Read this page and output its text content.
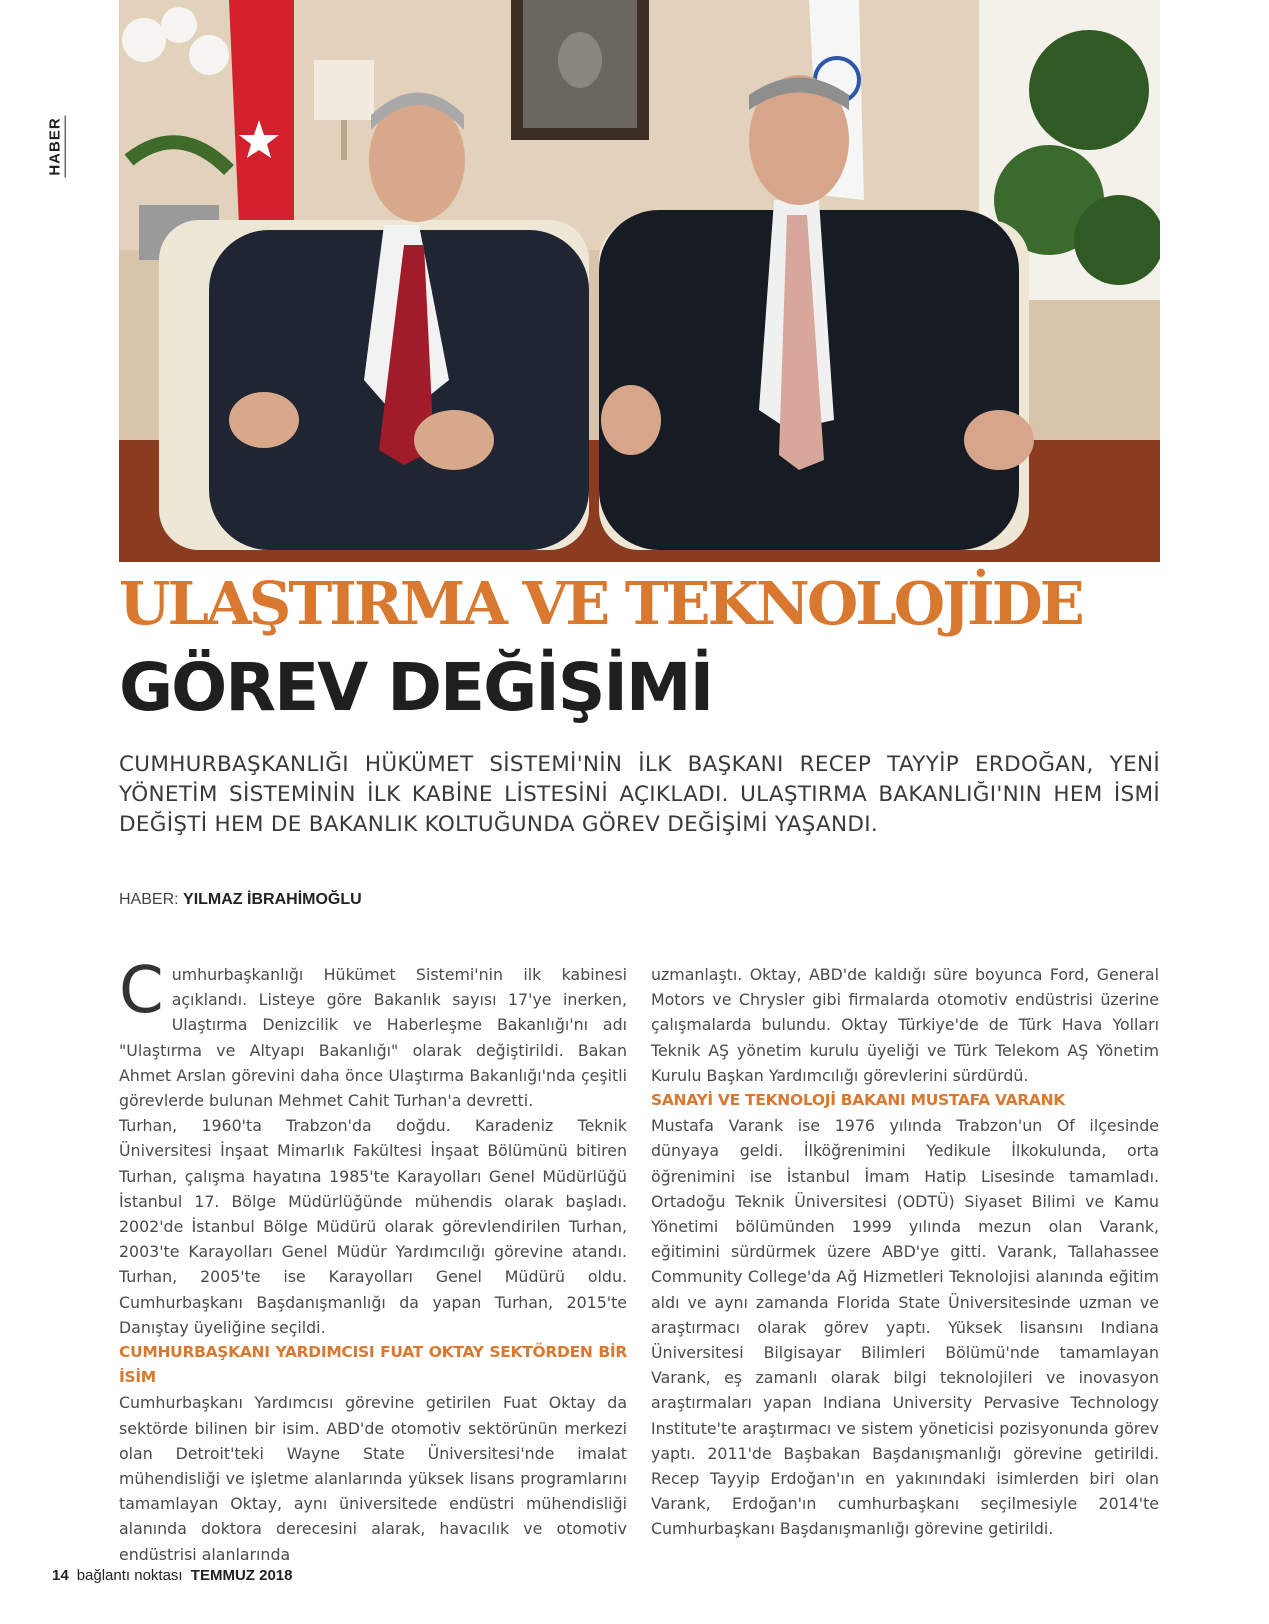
HABER
ULAŞTIRMA VE TEKNOLOJİDE
GÖREV DEĞİŞİMİ

CUMHURBAŞKANLIĞI HÜKÜMET SİSTEMİ'NİN İLK BAŞKANI RECEP TAYYİP ERDOĞAN, YENİ YÖNETİM SİSTEMİNİN İLK KABİNE LİSTESİNİ AÇIKLADI. ULAŞTIRMA BAKANLIĞI'NIN HEM İSMİ DEĞİŞTİ HEM DE BAKANLIK KOLTUĞUNDA GÖREV DEĞİŞİMİ YAŞANDI.

HABER: YILMAZ İBRAHİMOĞLU

Cumhurbaşkanlığı Hükümet Sistemi'nin ilk kabinesi açıklandı. Listeye göre Bakanlık sayısı 17'ye inerken, Ulaştırma Denizcilik ve Haberleşme Bakanlığı'nı adı "Ulaştırma ve Altyapı Bakanlığı" olarak değiştirildi. Bakan Ahmet Arslan görevini daha önce Ulaştırma Bakanlığı'nda çeşitli görevlerde bulunan Mehmet Cahit Turhan'a devretti.

Turhan, 1960'ta Trabzon'da doğdu. Karadeniz Teknik Üniversitesi İnşaat Mimarlık Fakültesi İnşaat Bölümünü bitiren Turhan, çalışma hayatına 1985'te Karayolları Genel Müdürlüğü İstanbul 17. Bölge Müdürlüğünde mühendis olarak başladı. 2002'de İstanbul Bölge Müdürü olarak görevlendirilen Turhan, 2003'te Karayolları Genel Müdür Yardımcılığı görevine atandı. Turhan, 2005'te ise Karayolları Genel Müdürü oldu. Cumhurbaşkanı Başdanışmanlığı da yapan Turhan, 2015'te Danıştay üyeliğine seçildi.

CUMHURBAŞKANI YARDIMCISI FUAT OKTAY SEKTÖRDEN BİR İSİM

Cumhurbaşkanı Yardımcısı görevine getirilen Fuat Oktay da sektörde bilinen bir isim. ABD'de otomotiv sektörünün merkezi olan Detroit'teki Wayne State Üniversitesi'nde imalat mühendisliği ve işletme alanlarında yüksek lisans programlarını tamamlayan Oktay, aynı üniversitede endüstri mühendisliği alanında doktora derecesini alarak, havacılık ve otomotiv endüstrisi alanlarında

uzmanlaştı. Oktay, ABD'de kaldığı süre boyunca Ford, General Motors ve Chrysler gibi firmalarda otomotiv endüstrisi üzerine çalışmalarda bulundu. Oktay Türkiye'de de Türk Hava Yolları Teknik AŞ yönetim kurulu üyeliği ve Türk Telekom AŞ Yönetim Kurulu Başkan Yardımcılığı görevlerini sürdürdü.

SANAYİ VE TEKNOLOJİ BAKANI MUSTAFA VARANK

Mustafa Varank ise 1976 yılında Trabzon'un Of ilçesinde dünyaya geldi. İlköğrenimini Yedikule İlkokulunda, orta öğrenimini ise İstanbul İmam Hatip Lisesinde tamamladı. Ortadoğu Teknik Üniversitesi (ODTÜ) Siyaset Bilimi ve Kamu Yönetimi bölümünden 1999 yılında mezun olan Varank, eğitimini sürdürmek üzere ABD'ye gitti. Varank, Tallahassee Community College'da Ağ Hizmetleri Teknolojisi alanında eğitim aldı ve aynı zamanda Florida State Üniversitesinde uzman ve araştırmacı olarak görev yaptı. Yüksek lisansını Indiana Üniversitesi Bilgisayar Bilimleri Bölümü'nde tamamlayan Varank, eş zamanlı olarak bilgi teknolojileri ve inovasyon araştırmaları yapan Indiana University Pervasive Technology Institute'te araştırmacı ve sistem yöneticisi pozisyonunda görev yaptı. 2011'de Başbakan Başdanışmanlığı görevine getirildi. Recep Tayyip Erdoğan'ın en yakınındaki isimlerden biri olan Varank, Erdoğan'ın cumhurbaşkanı seçilmesiyle 2014'te Cumhurbaşkanı Başdanışmanlığı görevine getirildi.

14 bağlantı noktası TEMMUZ 2018
